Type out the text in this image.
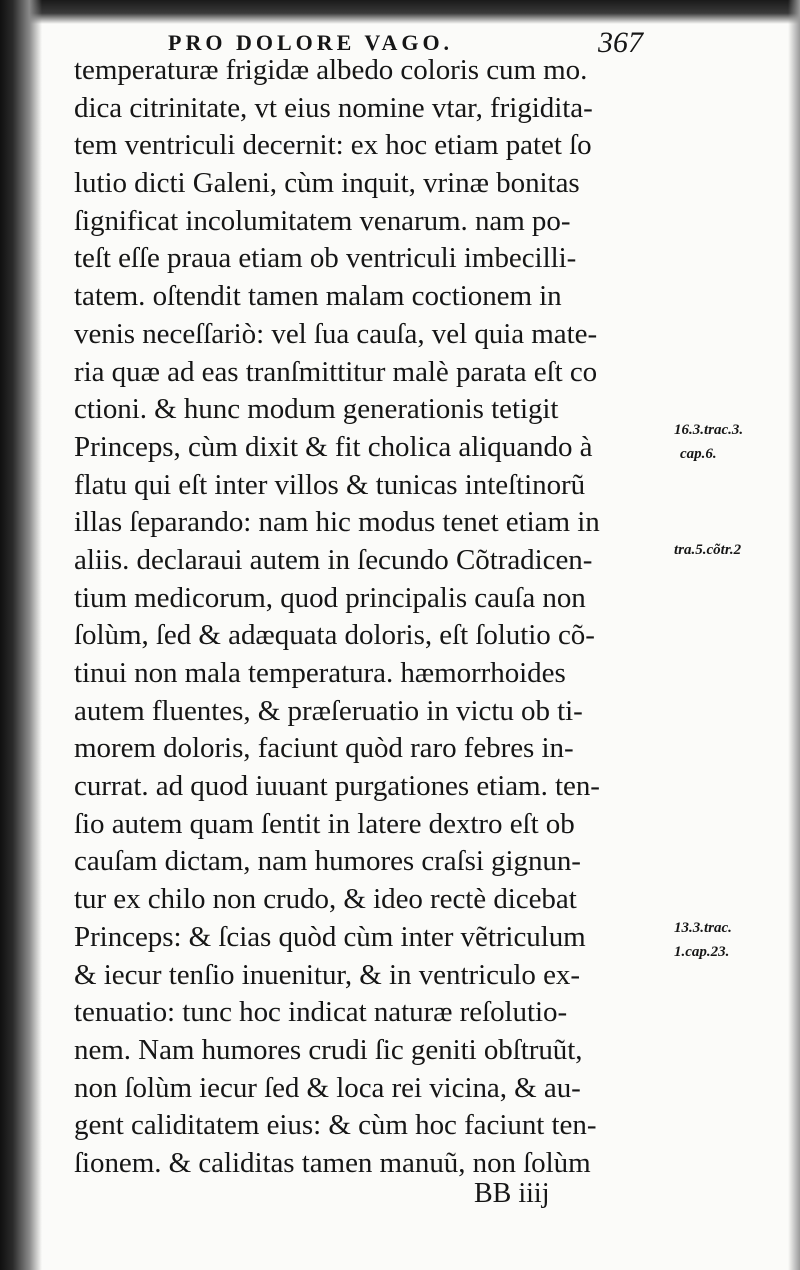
PRO DOLORE VAGO.	367
temperaturæ frigidæ albedo coloris cum mo.
dica citrinitate, vt eius nomine vtar, frigidita-
tem ventriculi decernit: ex hoc etiam patet ſo
lutio dicti Galeni, cùm inquit, vrinæ bonitas
ſignificat incolumitatem venarum. nam po-
teſt eſſe praua etiam ob ventriculi imbecilli-
tatem. oſtendit tamen malam coctionem in
venis neceſſariò: vel ſua cauſa, vel quia mate-
ria quæ ad eas tranſmittitur malè parata eſt co
ctioni. & hunc modum generationis tetigit
Princeps, cùm dixit & fit cholica aliquando à
flatu qui eſt inter villos & tunicas inteſtinorũ
illas ſeparando: nam hic modus tenet etiam in
aliis. declaraui autem in ſecundo Cõtradicen-
tium medicorum, quod principalis cauſa non
ſolùm, ſed & adæquata doloris, eſt ſolutio cõ-
tinui non mala temperatura. hæmorrhoides
autem fluentes, & præſeruatio in victu ob ti-
morem doloris, faciunt quòd raro febres in-
currat. ad quod iuuant purgationes etiam. ten-
ſio autem quam ſentit in latere dextro eſt ob
cauſam dictam, nam humores craſsi gignun-
tur ex chilo non crudo, & ideo rectè dicebat
Princeps: & ſcias quòd cùm inter vẽtriculum
& iecur tenſio inuenitur, & in ventriculo ex-
tenuatio: tunc hoc indicat naturæ reſolutio-
nem. Nam humores crudi ſic geniti obſtruũt,
non ſolùm iecur ſed & loca rei vicina, & au-
gent caliditatem eius: & cùm hoc faciunt ten-
ſionem. & caliditas tamen manuũ, non ſolùm
16.3.trac.3.
cap.6.
tra.5.cõtr.2
13.3.trac.
1.cap.23.
BB iiij
